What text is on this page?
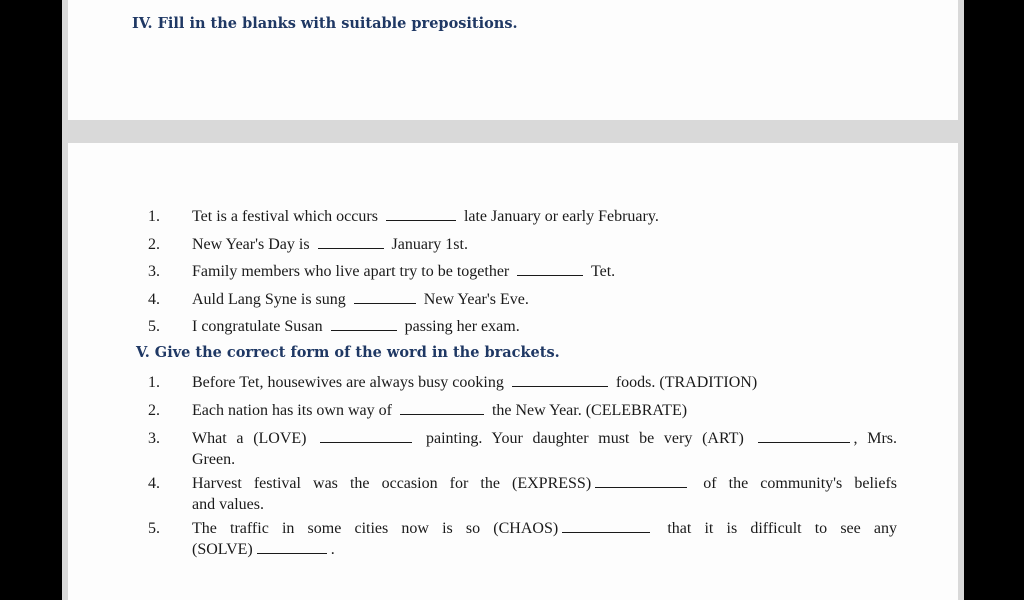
IV. Fill in the blanks with suitable prepositions.
1. Tet is a festival which occurs	late January or early February.
2. New Year's Day is	January 1st.
3. Family members who live apart try to be together	Tet.
4. Auld Lang Syne is sung	New Year's Eve.
5. I congratulate Susan	passing her exam.
V. Give the correct form of the word in the brackets.
1. Before Tet, housewives are always busy cooking	foods. (TRADITION)
2. Each nation has its own way of	the New Year. (CELEBRATE)
3. What a (LOVE)	painting. Your daughter must be very (ART)	, Mrs.
Green.
4. Harvest festival was the occasion for the (EXPRESS)	of the community's beliefs
and values.
5. The traffic in some cities now is so (CHAOS)	that it is difficult to see any
(SOLVE)	.
